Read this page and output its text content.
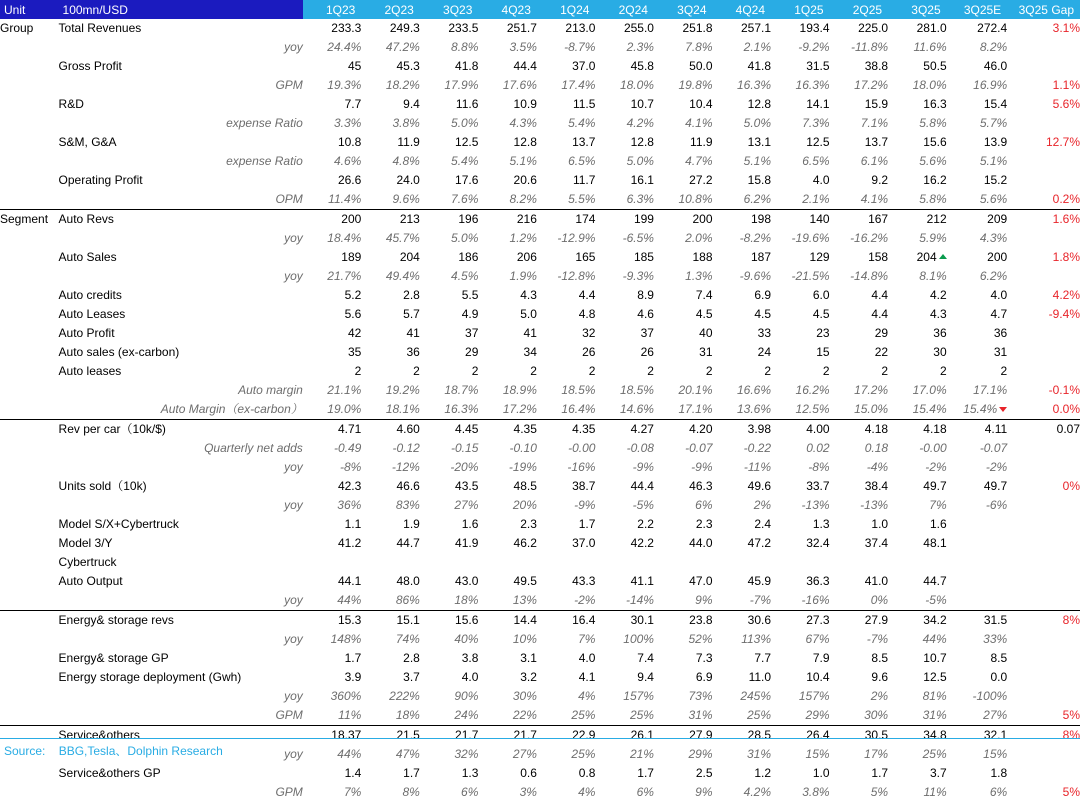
Unit	100mn/USD	1Q23	2Q23	3Q23	4Q23	1Q24	2Q24	3Q24	4Q24	1Q25	2Q25	3Q25	3Q25E	3Q25 Gap
Group	Total Revenues	233.3	249.3	233.5	251.7	213.0	255.0	251.8	257.1	193.4	225.0	281.0	272.4	3.1%
	yoy	24.4%	47.2%	8.8%	3.5%	-8.7%	2.3%	7.8%	2.1%	-9.2%	-11.8%	11.6%	8.2%	
	Gross Profit	45	45.3	41.8	44.4	37.0	45.8	50.0	41.8	31.5	38.8	50.5	46.0	
	GPM	19.3%	18.2%	17.9%	17.6%	17.4%	18.0%	19.8%	16.3%	16.3%	17.2%	18.0%	16.9%	1.1%
	R&D	7.7	9.4	11.6	10.9	11.5	10.7	10.4	12.8	14.1	15.9	16.3	15.4	5.6%
	expense Ratio	3.3%	3.8%	5.0%	4.3%	5.4%	4.2%	4.1%	5.0%	7.3%	7.1%	5.8%	5.7%	
	S&M, G&A	10.8	11.9	12.5	12.8	13.7	12.8	11.9	13.1	12.5	13.7	15.6	13.9	12.7%
	expense Ratio	4.6%	4.8%	5.4%	5.1%	6.5%	5.0%	4.7%	5.1%	6.5%	6.1%	5.6%	5.1%	
	Operating Profit	26.6	24.0	17.6	20.6	11.7	16.1	27.2	15.8	4.0	9.2	16.2	15.2	
	OPM	11.4%	9.6%	7.6%	8.2%	5.5%	6.3%	10.8%	6.2%	2.1%	4.1%	5.8%	5.6%	0.2%
Segment	Auto Revs	200	213	196	216	174	199	200	198	140	167	212	209	1.6%
	yoy	18.4%	45.7%	5.0%	1.2%	-12.9%	-6.5%	2.0%	-8.2%	-19.6%	-16.2%	5.9%	4.3%	
	Auto Sales	189	204	186	206	165	185	188	187	129	158	204	200	1.8%
	yoy	21.7%	49.4%	4.5%	1.9%	-12.8%	-9.3%	1.3%	-9.6%	-21.5%	-14.8%	8.1%	6.2%	
	Auto credits	5.2	2.8	5.5	4.3	4.4	8.9	7.4	6.9	6.0	4.4	4.2	4.0	4.2%
	Auto Leases	5.6	5.7	4.9	5.0	4.8	4.6	4.5	4.5	4.5	4.4	4.3	4.7	-9.4%
	Auto Profit	42	41	37	41	32	37	40	33	23	29	36	36	
	Auto sales (ex-carbon)	35	36	29	34	26	26	31	24	15	22	30	31	
	Auto leases	2	2	2	2	2	2	2	2	2	2	2	2	
	Auto margin	21.1%	19.2%	18.7%	18.9%	18.5%	18.5%	20.1%	16.6%	16.2%	17.2%	17.0%	17.1%	-0.1%
	Auto Margin（ex-carbon）	19.0%	18.1%	16.3%	17.2%	16.4%	14.6%	17.1%	13.6%	12.5%	15.0%	15.4%	15.4%	0.0%
	Rev per car（10k/$)	4.71	4.60	4.45	4.35	4.35	4.27	4.20	3.98	4.00	4.18	4.18	4.11	0.07
	Quarterly net adds	-0.49	-0.12	-0.15	-0.10	-0.00	-0.08	-0.07	-0.22	0.02	0.18	-0.00	-0.07	
	yoy	-8%	-12%	-20%	-19%	-16%	-9%	-9%	-11%	-8%	-4%	-2%	-2%	
	Units sold（10k)	42.3	46.6	43.5	48.5	38.7	44.4	46.3	49.6	33.7	38.4	49.7	49.7	0%
	yoy	36%	83%	27%	20%	-9%	-5%	6%	2%	-13%	-13%	7%	-6%	
	Model S/X+Cybertruck	1.1	1.9	1.6	2.3	1.7	2.2	2.3	2.4	1.3	1.0	1.6		
	Model 3/Y	41.2	44.7	41.9	46.2	37.0	42.2	44.0	47.2	32.4	37.4	48.1		
	Cybertruck													
	Auto Output	44.1	48.0	43.0	49.5	43.3	41.1	47.0	45.9	36.3	41.0	44.7		
	yoy	44%	86%	18%	13%	-2%	-14%	9%	-7%	-16%	0%	-5%		
	Energy& storage revs	15.3	15.1	15.6	14.4	16.4	30.1	23.8	30.6	27.3	27.9	34.2	31.5	8%
	yoy	148%	74%	40%	10%	7%	100%	52%	113%	67%	-7%	44%	33%	
	Energy& storage GP	1.7	2.8	3.8	3.1	4.0	7.4	7.3	7.7	7.9	8.5	10.7	8.5	
	Energy storage deployment (Gwh)	3.9	3.7	4.0	3.2	4.1	9.4	6.9	11.0	10.4	9.6	12.5	0.0	
	yoy	360%	222%	90%	30%	4%	157%	73%	245%	157%	2%	81%	-100%	
	GPM	11%	18%	24%	22%	25%	25%	31%	25%	29%	30%	31%	27%	5%
	Service&others	18.37	21.5	21.7	21.7	22.9	26.1	27.9	28.5	26.4	30.5	34.8	32.1	8%
	yoy	44%	47%	32%	27%	25%	21%	29%	31%	15%	17%	25%	15%	
	Service&others GP	1.4	1.7	1.3	0.6	0.8	1.7	2.5	1.2	1.0	1.7	3.7	1.8	
	GPM	7%	8%	6%	3%	4%	6%	9%	4.2%	3.8%	5%	11%	6%	5%
Source: BBG,Tesla、Dolphin Research
